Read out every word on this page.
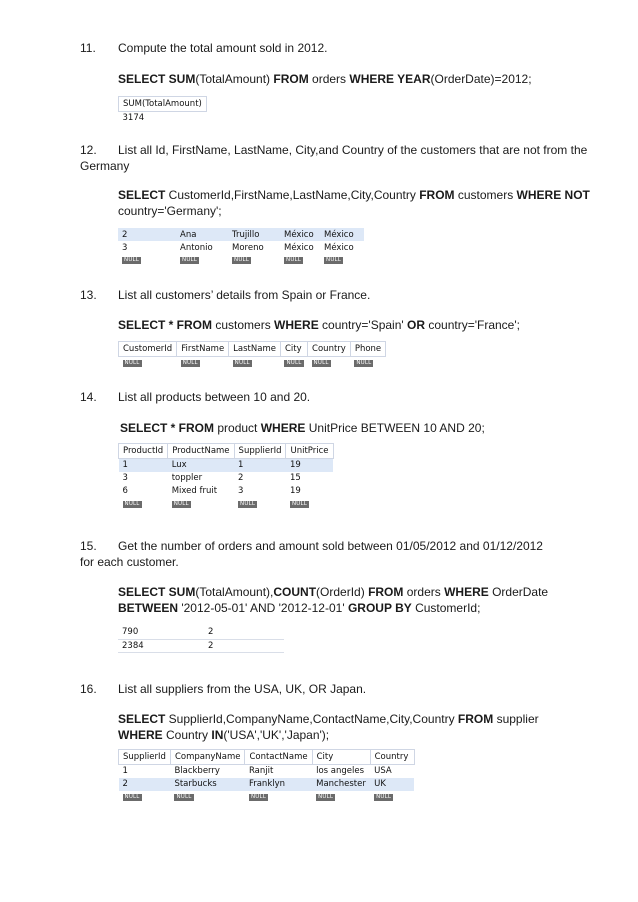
11. Compute the total amount sold in 2012.
SELECT SUM(TotalAmount) FROM orders WHERE YEAR(OrderDate)=2012;
SUM(TotalAmount)
3174
12. List all Id, FirstName, LastName, City,and Country of the customers that are not from the
Germany
SELECT CustomerId,FirstName,LastName,City,Country FROM customers WHERE NOT
country='Germany';
2	Ana	Trujillo	México	México
3	Antonio	Moreno	México	México
NULL	NULL	NULL	NULL	NULL
13. List all customers’ details from Spain or France.
SELECT * FROM customers WHERE country='Spain' OR country='France';
CustomerId	FirstName	LastName	City	Country	Phone
NULL	NULL	NULL	NULL	NULL	NULL
14. List all products between 10 and 20.
SELECT * FROM product WHERE UnitPrice BETWEEN 10 AND 20;
ProductId	ProductName	SupplierId	UnitPrice
1	Lux	1	19
3	toppler	2	15
6	Mixed fruit	3	19
NULL	NULL	NULL	NULL
15. Get the number of orders and amount sold between 01/05/2012 and 01/12/2012
for each customer.
SELECT SUM(TotalAmount),COUNT(OrderId) FROM orders WHERE OrderDate
BETWEEN '2012-05-01' AND '2012-12-01' GROUP BY CustomerId;
790	2
2384	2
16. List all suppliers from the USA, UK, OR Japan.
SELECT SupplierId,CompanyName,ContactName,City,Country FROM supplier
WHERE Country IN('USA','UK','Japan');
SupplierId	CompanyName	ContactName	City	Country
1	Blackberry	Ranjit	los angeles	USA
2	Starbucks	Franklyn	Manchester	UK
NULL	NULL	NULL	NULL	NULL
